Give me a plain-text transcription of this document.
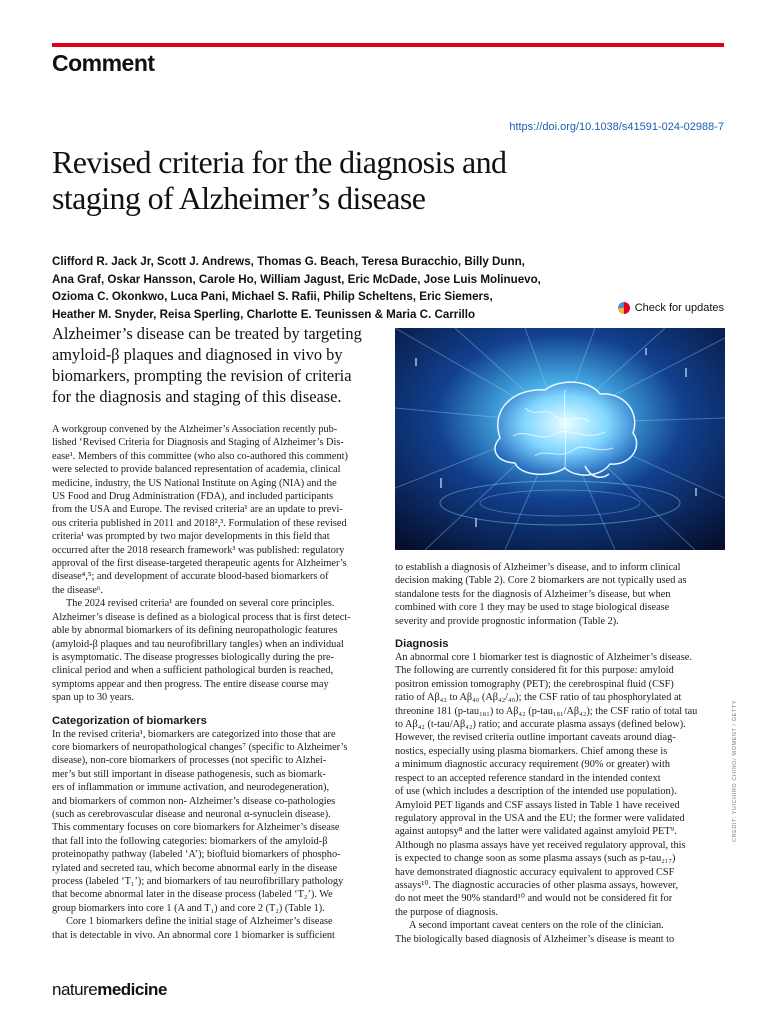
Comment
https://doi.org/10.1038/s41591-024-02988-7
Revised criteria for the diagnosis and
staging of Alzheimer’s disease

Clifford R. Jack Jr, Scott J. Andrews, Thomas G. Beach, Teresa Buracchio, Billy Dunn,
Ana Graf, Oskar Hansson, Carole Ho, William Jagust, Eric McDade, Jose Luis Molinuevo,
Ozioma C. Okonkwo, Luca Pani, Michael S. Rafii, Philip Scheltens, Eric Siemers,
Heather M. Snyder, Reisa Sperling, Charlotte E. Teunissen & Maria C. Carrillo	Check for updates

Alzheimer’s disease can be treated by targeting
amyloid-β plaques and diagnosed in vivo by
biomarkers, prompting the revision of criteria
for the diagnosis and staging of this disease.

CREDIT: YUICHIRO CHINO/ MOMENT / GETTY
A workgroup convened by the Alzheimer’s Association recently pub-
lished ‘Revised Criteria for Diagnosis and Staging of Alzheimer’s Dis-
ease¹. Members of this committee (who also co-authored this comment)
were selected to provide balanced representation of academia, clinical
medicine, industry, the US National Institute on Aging (NIA) and the
US Food and Drug Administration (FDA), and included participants
from the USA and Europe. The revised criteria¹ are an update to previ-
ous criteria published in 2011 and 2018²,³. Formulation of these revised
criteria¹ was prompted by two major developments in this field that
occurred after the 2018 research framework³ was published: regulatory
approval of the first disease-targeted therapeutic agents for Alzheimer’s
disease⁴,⁵; and development of accurate blood-based biomarkers of
the disease⁶.
The 2024 revised criteria¹ are founded on several core principles.
Alzheimer’s disease is defined as a biological process that is first detect-
able by abnormal biomarkers of its defining neuropathologic features
(amyloid-β plaques and tau neurofibrillary tangles) when an individual
is asymptomatic. The disease progresses biologically during the pre-
clinical period and when a sufficient pathological burden is reached,
symptoms appear and then progress. The entire disease course may
span up to 30 years.
Categorization of biomarkers
In the revised criteria¹, biomarkers are categorized into those that are
core biomarkers of neuropathological changes⁷ (specific to Alzheimer’s
disease), non-core biomarkers of processes (not specific to Alzhei-
mer’s but still important in disease pathogenesis, such as biomark-
ers of inflammation or immune activation, and neurodegeneration),
and biomarkers of common non- Alzheimer’s disease co-pathologies
(such as cerebrovascular disease and neuronal α-synuclein disease).
This commentary focuses on core biomarkers for Alzheimer’s disease
that fall into the following categories: biomarkers of the amyloid-β
proteinopathy pathway (labeled ‘A’); biofluid biomarkers of phospho-
rylated and secreted tau, which become abnormal early in the disease
process (labeled ‘T₁’); and biomarkers of tau neurofibrillary pathology
that become abnormal later in the disease process (labeled ‘T₂’). We
group biomarkers into core 1 (A and T₁) and core 2 (T₂) (Table 1).
Core 1 biomarkers define the initial stage of Alzheimer’s disease
that is detectable in vivo. An abnormal core 1 biomarker is sufficient
to establish a diagnosis of Alzheimer’s disease, and to inform clinical
decision making (Table 2). Core 2 biomarkers are not typically used as
standalone tests for the diagnosis of Alzheimer’s disease, but when
combined with core 1 they may be used to stage biological disease
severity and provide prognostic information (Table 2).
Diagnosis
An abnormal core 1 biomarker test is diagnostic of Alzheimer’s disease.
The following are currently considered fit for this purpose: amyloid
positron emission tomography (PET); the cerebrospinal fluid (CSF)
ratio of Aβ₄₂ to Aβ₄₀ (Aβ₄₂/₄₀); the CSF ratio of tau phosphorylated at
threonine 181 (p-tau₁₈₁) to Aβ₄₂ (p-tau₁₈₁/Aβ₄₂); the CSF ratio of total tau
to Aβ₄₂ (t-tau/Aβ₄₂) ratio; and accurate plasma assays (defined below).
However, the revised criteria outline important caveats around diag-
nostics, especially using plasma biomarkers. Chief among these is
a minimum diagnostic accuracy requirement (90% or greater) with
respect to an accepted reference standard in the intended context
of use (which includes a description of the intended use population).
Amyloid PET ligands and CSF assays listed in Table 1 have received
regulatory approval in the USA and the EU; the former were validated
against autopsy⁸ and the latter were validated against amyloid PET⁹.
Although no plasma assays have yet received regulatory approval, this
is expected to change soon as some plasma assays (such as p-tau₂₁₇)
have demonstrated diagnostic accuracy equivalent to approved CSF
assays¹⁰. The diagnostic accuracies of other plasma assays, however,
do not meet the 90% standard¹⁰ and would not be considered fit for
the purpose of diagnosis.
A second important caveat centers on the role of the clinician.
The biologically based diagnosis of Alzheimer’s disease is meant to
naturemedicine
